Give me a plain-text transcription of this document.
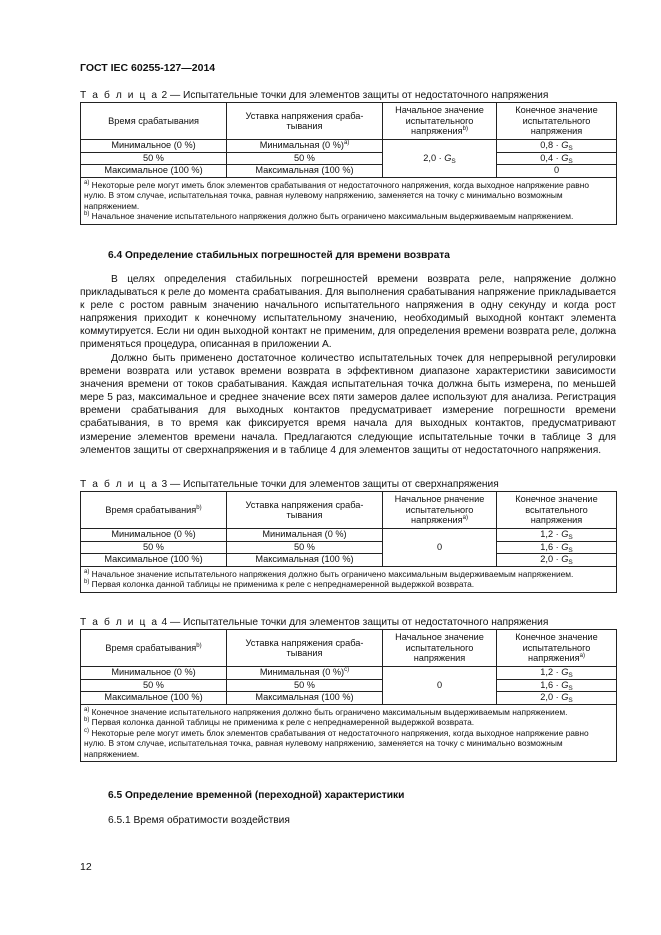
ГОСТ IEC 60255-127—2014
Т а б л и ц а 2 — Испытательные точки для элементов защиты от недостаточного напряжения
Время срабатывания	Уставка напряжения сраба-тывания	Начальное значение испытательного напряжения$^{b)}$	Конечное значение испытательного напряжения
Минимальное (0 %)	Минимальная (0 %)$^{a)}$	$2,0 \cdot G_S$	$0,8 \cdot G_S$
50 %	50 %		$0,4 \cdot G_S$
Максимальное (100 %)	Максимальная (100 %)		0

$^{a)}$ Некоторые реле могут иметь блок элементов срабатывания от недостаточного напряжения, когда выходное напряжение равно нулю. В этом случае, испытательная точка, равная нулевому напряжению, заменяется на точку с минимально возможным напряжением.

$^{b)}$ Начальное значение испытательного напряжения должно быть ограничено максимальным выдерживаемым напряжением.			

6.4 Определение стабильных погрешностей для времени возврата

В целях определения стабильных погрешностей времени возврата реле, напряжение должно прикладываться к реле до момента срабатывания. Для выполнения срабатывания напряжение прикладывается к реле с ростом равным значению начального испытательного напряжения в одну секунду и когда рост напряжения приходит к конечному испытательному значению, необходимый выходной контакт элемента коммутируется. Если ни один выходной контакт не применим, для определения времени возврата реле, должна применяться процедура, описанная в приложении А.

Должно быть применено достаточное количество испытательных точек для непрерывной регулировки времени возврата или уставок времени возврата в эффективном диапазоне характеристики зависимости значения времени от токов срабатывания. Каждая испытательная точка должна быть измерена, по меньшей мере 5 раз, максимальное и среднее значение всех пяти замеров далее используют для анализа. Регистрация времени срабатывания для выходных контактов предусматривает измерение погрешности времени срабатывания, в то время как фиксируется время начала для выходных контактов, предусматривают измерение элементов времени начала. Предлагаются следующие испытательные точки в таблице 3 для элементов защиты от сверхнапряжения и в таблице 4 для элементов защиты от недостаточного напряжения.

Т а б л и ц а 3 — Испытательные точки для элементов защиты от сверхнапряжения
Время срабатывания$^{b)}$	Уставка напряжения сраба-тывания	Начальное рначение испытательного напряжения$^{a)}$	Конечное значение всытательного напряжения
Минимальное (0 %)	Минимальная (0 %)	0	$1,2 \cdot G_S$
50 %	50 %		$1,6 \cdot G_S$
Максимальное (100 %)	Максимальная (100 %)		$2,0 \cdot G_S$

$^{a)}$ Начальное значение испытательного напряжения должно быть ограничено максимальным выдерживаемым напряжением.

$^{b)}$ Первая колонка данной таблицы не применима к реле с непреднамеренной выдержкой возврата.			

Т а б л и ц а 4 — Испытательные точки для элементов защиты от недостаточного напряжения
Время срабатывания$^{b)}$	Уставка напряжения сраба-тывания	Начальное значение испытательного напряжения	Конечное значение испытательного напряжения$^{a)}$
Минимальное (0 %)	Минимальная (0 %)$^{c)}$	0	$1,2 \cdot G_S$
50 %	50 %		$1,6 \cdot G_S$
Максимальное (100 %)	Максимальная (100 %)		$2,0 \cdot G_S$

$^{a)}$ Конечное значение испытательного напряжения должно быть ограничено максимальным выдерживаемым напряжением.

$^{b)}$ Первая колонка данной таблицы не применима к реле с непреднамеренной выдержкой возврата.

$^{c)}$ Некоторые реле могут иметь блок элементов срабатывания от недостаточного напряжения, когда выходное напряжение равно нулю. В этом случае, испытательная точка, равная нулевому напряжению, заменяется на точку с минимально возможным напряжением.			

6.5 Определение временной (переходной) характеристики
6.5.1 Время обратимости воздействия
12
